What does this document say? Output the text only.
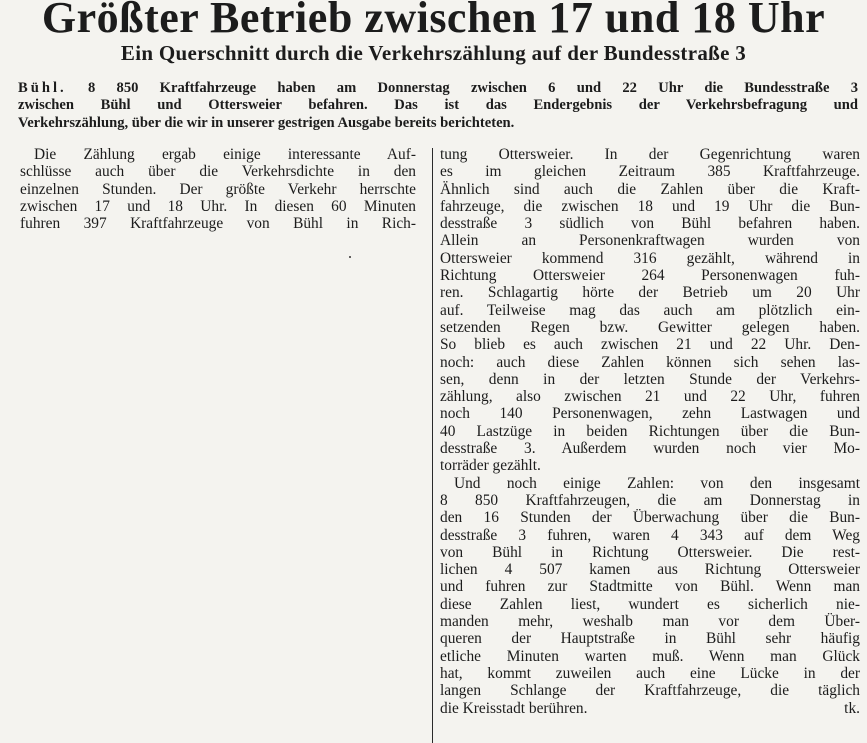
Größter Betrieb zwischen 17 und 18 Uhr
Ein Querschnitt durch die Verkehrszählung auf der Bundesstraße 3
Bühl. 8 850 Kraftfahrzeuge haben am Donnerstag zwischen 6 und 22 Uhr die Bundesstraße 3
zwischen Bühl und Ottersweier befahren. Das ist das Endergebnis der Verkehrsbefragung und
Verkehrszählung, über die wir in unserer gestrigen Ausgabe bereits berichteten.
Die Zählung ergab einige interessante Auf-
schlüsse auch über die Verkehrsdichte in den
einzelnen Stunden. Der größte Verkehr herrschte
zwischen 17 und 18 Uhr. In diesen 60 Minuten
fuhren 397 Kraftfahrzeuge von Bühl in Rich-
tung Ottersweier. In der Gegenrichtung waren
es im gleichen Zeitraum 385 Kraftfahrzeuge.
Ähnlich sind auch die Zahlen über die Kraft-
fahrzeuge, die zwischen 18 und 19 Uhr die Bun-
desstraße 3 südlich von Bühl befahren haben.
Allein an Personenkraftwagen wurden von
Ottersweier kommend 316 gezählt, während in
Richtung Ottersweier 264 Personenwagen fuh-
ren. Schlagartig hörte der Betrieb um 20 Uhr
auf. Teilweise mag das auch am plötzlich ein-
setzenden Regen bzw. Gewitter gelegen haben.
So blieb es auch zwischen 21 und 22 Uhr. Den-
noch: auch diese Zahlen können sich sehen las-
sen, denn in der letzten Stunde der Verkehrs-
zählung, also zwischen 21 und 22 Uhr, fuhren
noch 140 Personenwagen, zehn Lastwagen und
40 Lastzüge in beiden Richtungen über die Bun-
desstraße 3. Außerdem wurden noch vier Mo-
torräder gezählt.
Und noch einige Zahlen: von den insgesamt
8 850 Kraftfahrzeugen, die am Donnerstag in
den 16 Stunden der Überwachung über die Bun-
desstraße 3 fuhren, waren 4 343 auf dem Weg
von Bühl in Richtung Ottersweier. Die rest-
lichen 4 507 kamen aus Richtung Ottersweier
und fuhren zur Stadtmitte von Bühl. Wenn man
diese Zahlen liest, wundert es sicherlich nie-
manden mehr, weshalb man vor dem Über-
queren der Hauptstraße in Bühl sehr häufig
etliche Minuten warten muß. Wenn man Glück
hat, kommt zuweilen auch eine Lücke in der
langen Schlange der Kraftfahrzeuge, die täglich
die Kreisstadt berühren.	tk.
